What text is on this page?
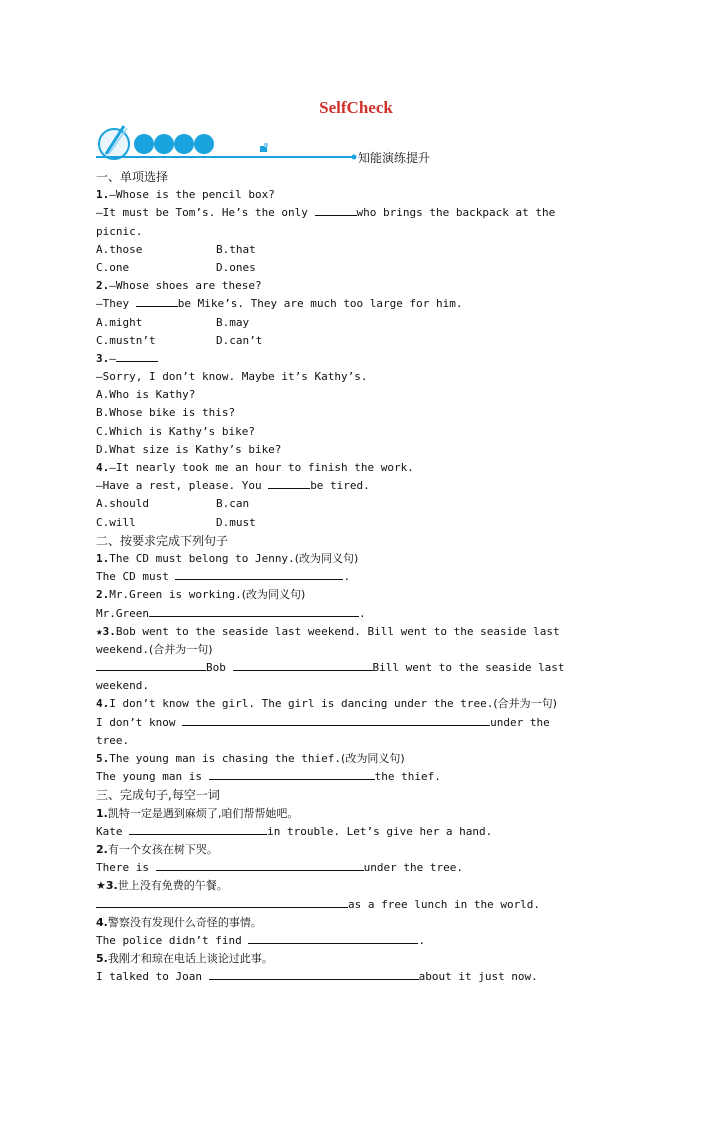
SelfCheck
知能演练提升
一、单项选择
1.—Whose is the pencil box?
—It must be Tom’s. He’s the only	who brings the backpack at the
picnic.
A.those	B.that
C.one	D.ones
2.—Whose shoes are these?
—They	be Mike’s. They are much too large for him.
A.might	B.may
C.mustn’t	D.can’t
3.—
—Sorry, I don’t know. Maybe it’s Kathy’s.
A.Who is Kathy?
B.Whose bike is this?
C.Which is Kathy’s bike?
D.What size is Kathy’s bike?
4.—It nearly took me an hour to finish the work.
—Have a rest, please. You	be tired.
A.should	B.can
C.will	D.must
二、按要求完成下列句子
1.The CD must belong to Jenny.(改为同义句)
The CD must	.
2.Mr.Green is working.(改为同义句)
Mr.Green	.
★3.Bob went to the seaside last weekend. Bill went to the seaside last
weekend.(合并为一句)
Bob	Bill went to the seaside last
weekend.
4.I don’t know the girl. The girl is dancing under the tree.(合并为一句)
I don’t know	under the
tree.
5.The young man is chasing the thief.(改为同义句)
The young man is	the thief.
三、完成句子,每空一词
1.凯特一定是遇到麻烦了,咱们帮帮她吧。
Kate	in trouble. Let’s give her a hand.
2.有一个女孩在树下哭。
There is	under the tree.
★3.世上没有免费的午餐。
as a free lunch in the world.
4.警察没有发现什么奇怪的事情。
The police didn’t find	.
5.我刚才和琼在电话上谈论过此事。
I talked to Joan	about it just now.
